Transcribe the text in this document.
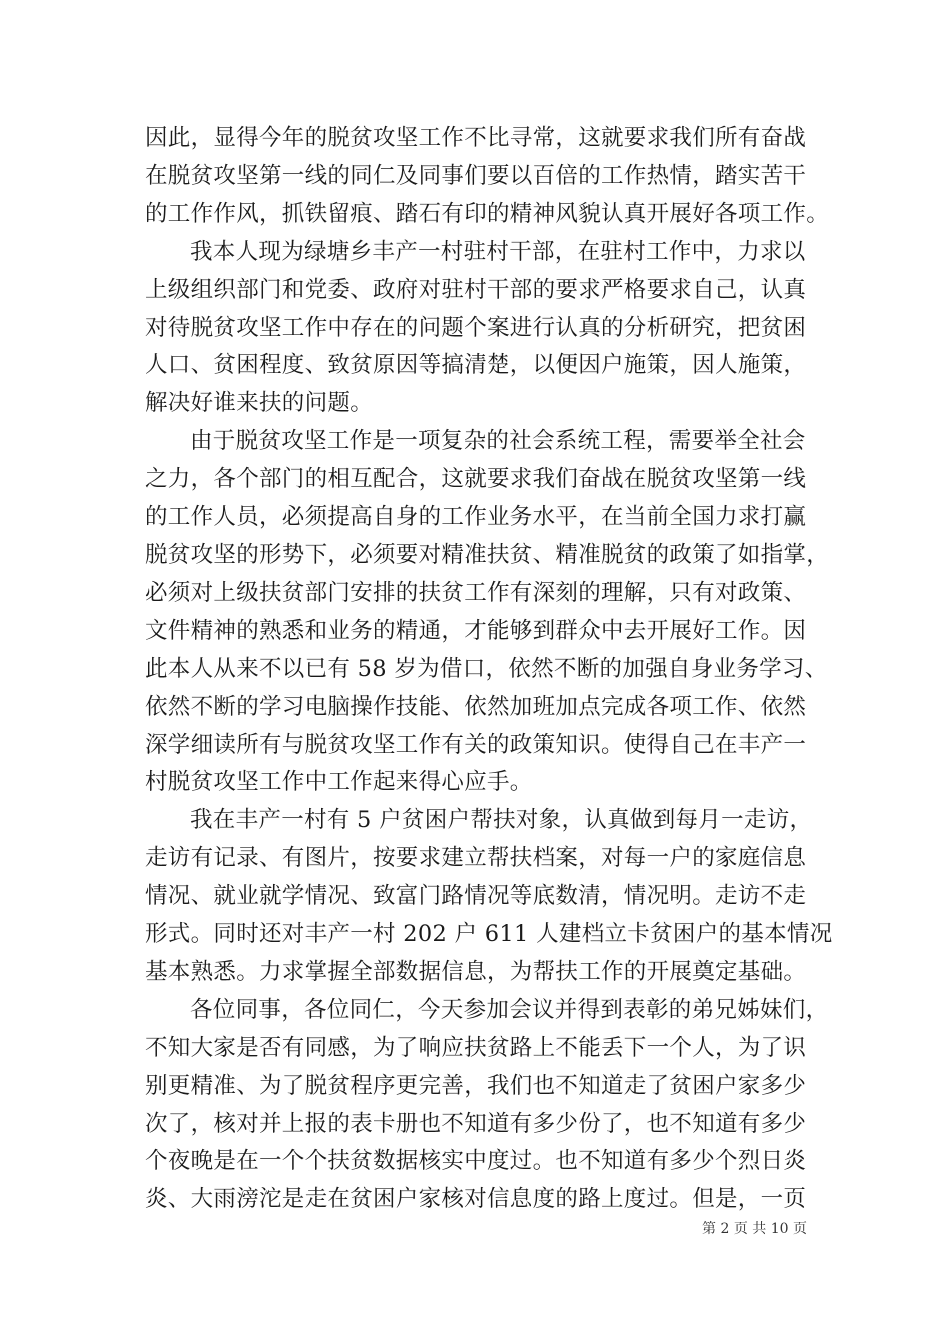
因此，显得今年的脱贫攻坚工作不比寻常，这就要求我们所有奋战
在脱贫攻坚第一线的同仁及同事们要以百倍的工作热情，踏实苦干
的工作作风，抓铁留痕、踏石有印的精神风貌认真开展好各项工作。

我本人现为绿塘乡丰产一村驻村干部，在驻村工作中，力求以
上级组织部门和党委、政府对驻村干部的要求严格要求自己，认真
对待脱贫攻坚工作中存在的问题个案进行认真的分析研究，把贫困
人口、贫困程度、致贫原因等搞清楚，以便因户施策，因人施策，
解决好谁来扶的问题。

由于脱贫攻坚工作是一项复杂的社会系统工程，需要举全社会
之力，各个部门的相互配合，这就要求我们奋战在脱贫攻坚第一线
的工作人员，必须提高自身的工作业务水平，在当前全国力求打赢
脱贫攻坚的形势下，必须要对精准扶贫、精准脱贫的政策了如指掌，
必须对上级扶贫部门安排的扶贫工作有深刻的理解，只有对政策、
文件精神的熟悉和业务的精通，才能够到群众中去开展好工作。因
此本人从来不以已有 58 岁为借口，依然不断的加强自身业务学习、
依然不断的学习电脑操作技能、依然加班加点完成各项工作、依然
深学细读所有与脱贫攻坚工作有关的政策知识。使得自己在丰产一
村脱贫攻坚工作中工作起来得心应手。

我在丰产一村有 5 户贫困户帮扶对象，认真做到每月一走访，
走访有记录、有图片，按要求建立帮扶档案，对每一户的家庭信息
情况、就业就学情况、致富门路情况等底数清，情况明。走访不走
形式。同时还对丰产一村 202 户 611 人建档立卡贫困户的基本情况
基本熟悉。力求掌握全部数据信息，为帮扶工作的开展奠定基础。

各位同事，各位同仁，今天参加会议并得到表彰的弟兄姊妹们，
不知大家是否有同感，为了响应扶贫路上不能丢下一个人，为了识
别更精准、为了脱贫程序更完善，我们也不知道走了贫困户家多少
次了，核对并上报的表卡册也不知道有多少份了，也不知道有多少
个夜晚是在一个个扶贫数据核实中度过。也不知道有多少个烈日炎
炎、大雨滂沱是走在贫困户家核对信息度的路上度过。但是，一页

第 2 页 共 10 页
